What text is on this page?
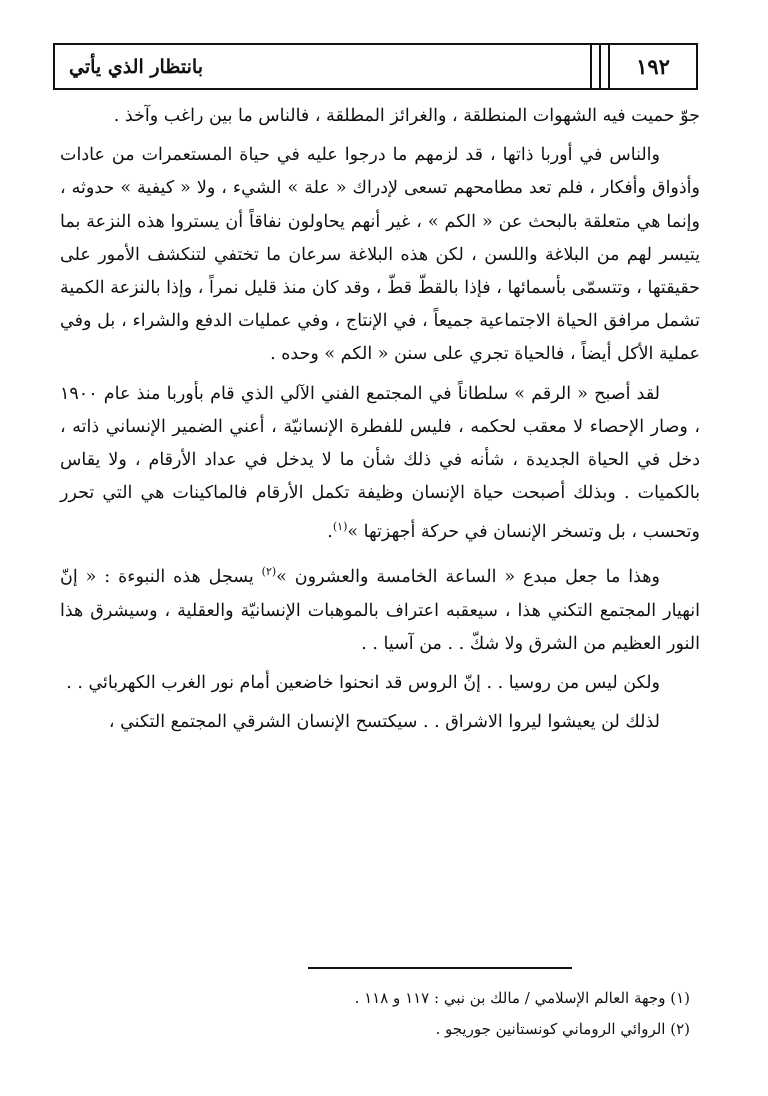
بانتظار الذي يأتي	١٩٢

جوّ حميت فيه الشهوات المنطلقة ، والغرائز المطلقة ، فالناس ما بين راغب وآخذ .

والناس في أوربا ذاتها ، قد لزمهم ما درجوا عليه في حياة المستعمرات من عادات وأذواق وأفكار ، فلم تعد مطامحهم تسعى لإدراك « علة » الشيء ، ولا « كيفية » حدوثه ، وإنما هي متعلقة بالبحث عن « الكم » ، غير أنهم يحاولون نفاقاً أن يستروا هذه النزعة بما يتيسر لهم من البلاغة واللسن ، لكن هذه البلاغة سرعان ما تختفي لتنكشف الأمور على حقيقتها ، وتتسمّى بأسمائها ، فإذا بالقطّ قطّ ، وقد كان منذ قليل نمراً ، وإذا بالنزعة الكمية تشمل مرافق الحياة الاجتماعية جميعاً ، في الإنتاج ، وفي عمليات الدفع والشراء ، بل وفي عملية الأكل أيضاً ، فالحياة تجري على سنن « الكم » وحده .

لقد أصبح « الرقم » سلطاناً في المجتمع الفني الآلي الذي قام بأوربا منذ عام ١٩٠٠ ، وصار الإحصاء لا معقب لحكمه ، فليس للفطرة الإنسانيّة ، أعني الضمير الإنساني ذاته ، دخل في الحياة الجديدة ، شأنه في ذلك شأن ما لا يدخل في عداد الأرقام ، ولا يقاس بالكميات . وبذلك أصبحت حياة الإنسان وظيفة تكمل الأرقام فالماكينات هي التي تحرر وتحسب ، بل وتسخر الإنسان في حركة أجهزتها »$^{(١)}$.

وهذا ما جعل مبدع « الساعة الخامسة والعشرون »$^{(٢)}$ يسجل هذه النبوءة : « إنّ انهيار المجتمع التكني هذا ، سيعقبه اعتراف بالموهبات الإنسانيّة والعقلية ، وسيشرق هذا النور العظيم من الشرق ولا شكّ . . من آسيا . .

ولكن ليس من روسيا . . إنّ الروس قد انحنوا خاضعين أمام نور الغرب الكهربائي . .

لذلك لن يعيشوا ليروا الاشراق . . سيكتسح الإنسان الشرقي المجتمع التكني ،

(١) وجهة العالم الإسلامي / مالك بن نبي : ١١٧ و ١١٨ .
(٢) الروائي الروماني كونستانين جوريجو .
